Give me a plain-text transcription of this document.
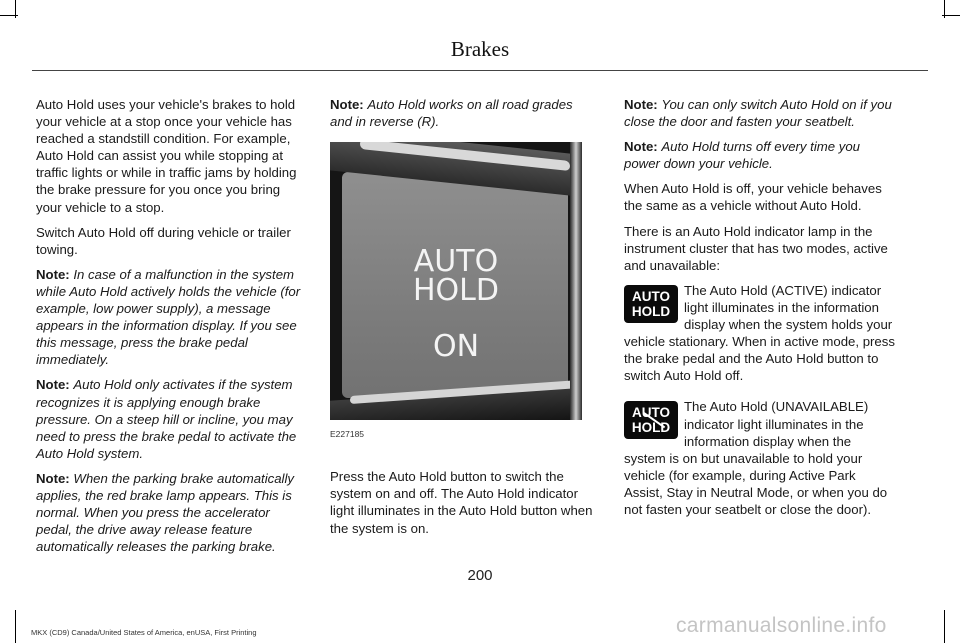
Brakes

Auto Hold uses your vehicle's brakes to hold your vehicle at a stop once your vehicle has reached a standstill condition. For example, Auto Hold can assist you while stopping at traffic lights or while in traffic jams by holding the brake pressure for you once you bring your vehicle to a stop.

Switch Auto Hold off during vehicle or trailer towing.

Note: In case of a malfunction in the system while Auto Hold actively holds the vehicle (for example, low power supply), a message appears in the information display. If you see this message, press the brake pedal immediately.

Note: Auto Hold only activates if the system recognizes it is applying enough brake pressure. On a steep hill or incline, you may need to press the brake pedal to activate the Auto Hold system.

Note: When the parking brake automatically applies, the red brake lamp appears. This is normal. When you press the accelerator pedal, the drive away release feature automatically releases the parking brake.

Note: Auto Hold works on all road grades and in reverse (R).

AUTO
HOLD
ON
E227185

Press the Auto Hold button to switch the system on and off. The Auto Hold indicator light illuminates in the Auto Hold button when the system is on.

Note: You can only switch Auto Hold on if you close the door and fasten your seatbelt.

Note: Auto Hold turns off every time you power down your vehicle.

When Auto Hold is off, your vehicle behaves the same as a vehicle without Auto Hold.

There is an Auto Hold indicator lamp in the instrument cluster that has two modes, active and unavailable:

AUTO
HOLD
The Auto Hold (ACTIVE) indicator light illuminates in the information display when the system holds your vehicle stationary. When in active mode, press the brake pedal and the Auto Hold button to switch Auto Hold off.

AUTO
HOLD
The Auto Hold (UNAVAILABLE) indicator light illuminates in the information display when the system is on but unavailable to hold your vehicle (for example, during Active Park Assist, Stay in Neutral Mode, or when you do not fasten your seatbelt or close the door).

200
MKX (CD9) Canada/United States of America, enUSA, First Printing	carmanualsonline.info
